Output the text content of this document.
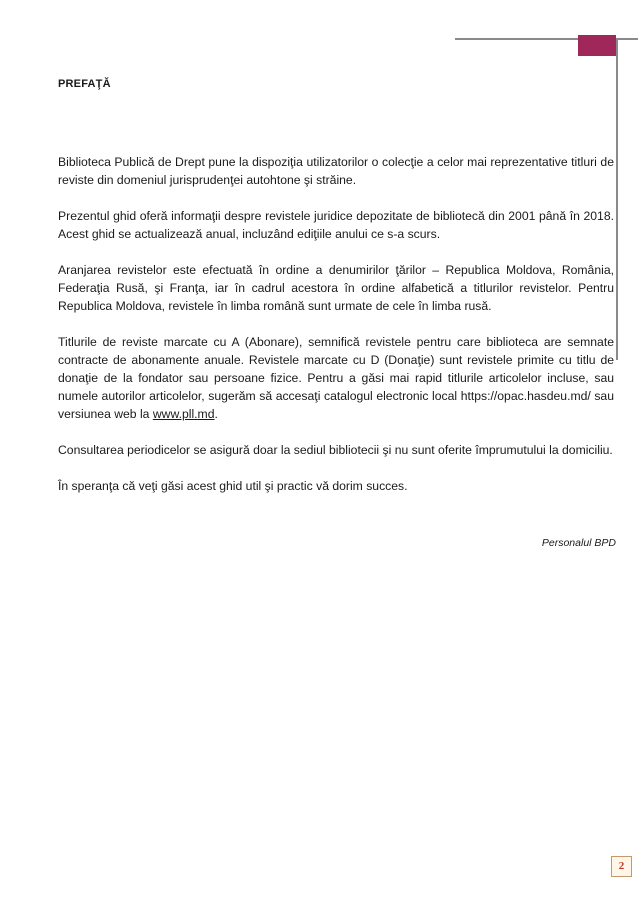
PREFAŢĂ

Biblioteca Publică de Drept pune la dispoziţia utilizatorilor o colecţie a celor mai reprezentative titluri de reviste din domeniul jurisprudenţei autohtone şi străine.

Prezentul ghid oferă informaţii despre revistele juridice depozitate de bibliotecă din 2001 până în 2018. Acest ghid se actualizează anual, incluzând ediţiile anului ce s-a scurs.

Aranjarea revistelor este efectuată în ordine a denumirilor ţărilor – Republica Moldova, România, Federaţia Rusă, şi Franţa, iar în cadrul acestora în ordine alfabetică a titlurilor revistelor. Pentru Republica Moldova, revistele în limba română sunt urmate de cele în limba rusă.

Titlurile de reviste marcate cu A (Abonare), semnifică revistele pentru care biblioteca are semnate contracte de abonamente anuale. Revistele marcate cu D (Donaţie) sunt revistele primite cu titlu de donaţie de la fondator sau persoane fizice. Pentru a găsi mai rapid titlurile articolelor incluse, sau numele autorilor articolelor, sugerăm să accesaţi catalogul electronic local https://opac.hasdeu.md/ sau versiunea web la www.pll.md.

Consultarea periodicelor se asigură doar la sediul bibliotecii şi nu sunt oferite împrumutului la domiciliu.

În speranţa că veţi găsi acest ghid util şi practic vă dorim succes.

Personalul BPD
2
